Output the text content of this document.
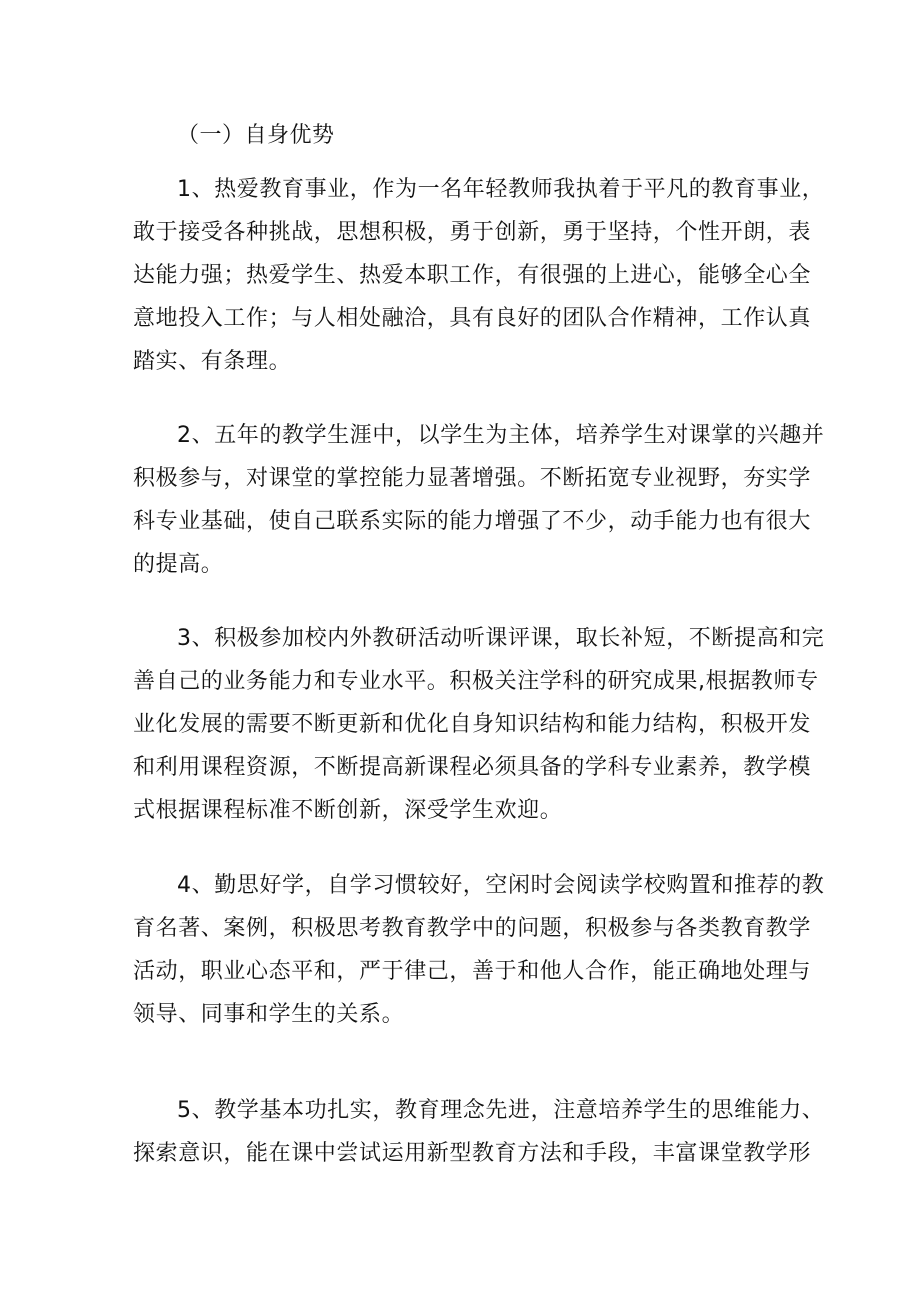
（一）自身优势
1、热爱教育事业，作为一名年轻教师我执着于平凡的教育事业，
敢于接受各种挑战，思想积极，勇于创新，勇于坚持，个性开朗，表
达能力强；热爱学生、热爱本职工作，有很强的上进心，能够全心全
意地投入工作；与人相处融洽，具有良好的团队合作精神，工作认真
踏实、有条理。
2、五年的教学生涯中，以学生为主体，培养学生对课掌的兴趣并
积极参与，对课堂的掌控能力显著增强。不断拓宽专业视野，夯实学
科专业基础，使自己联系实际的能力增强了不少，动手能力也有很大
的提高。
3、积极参加校内外教研活动听课评课，取长补短，不断提高和完
善自己的业务能力和专业水平。积极关注学科的研究成果,根据教师专
业化发展的需要不断更新和优化自身知识结构和能力结构，积极开发
和利用课程资源，不断提高新课程必须具备的学科专业素养，教学模
式根据课程标准不断创新，深受学生欢迎。
4、勤思好学，自学习惯较好，空闲时会阅读学校购置和推荐的教
育名著、案例，积极思考教育教学中的问题，积极参与各类教育教学
活动，职业心态平和，严于律己，善于和他人合作，能正确地处理与
领导、同事和学生的关系。
5、教学基本功扎实，教育理念先进，注意培养学生的思维能力、
探索意识，能在课中尝试运用新型教育方法和手段，丰富课堂教学形
